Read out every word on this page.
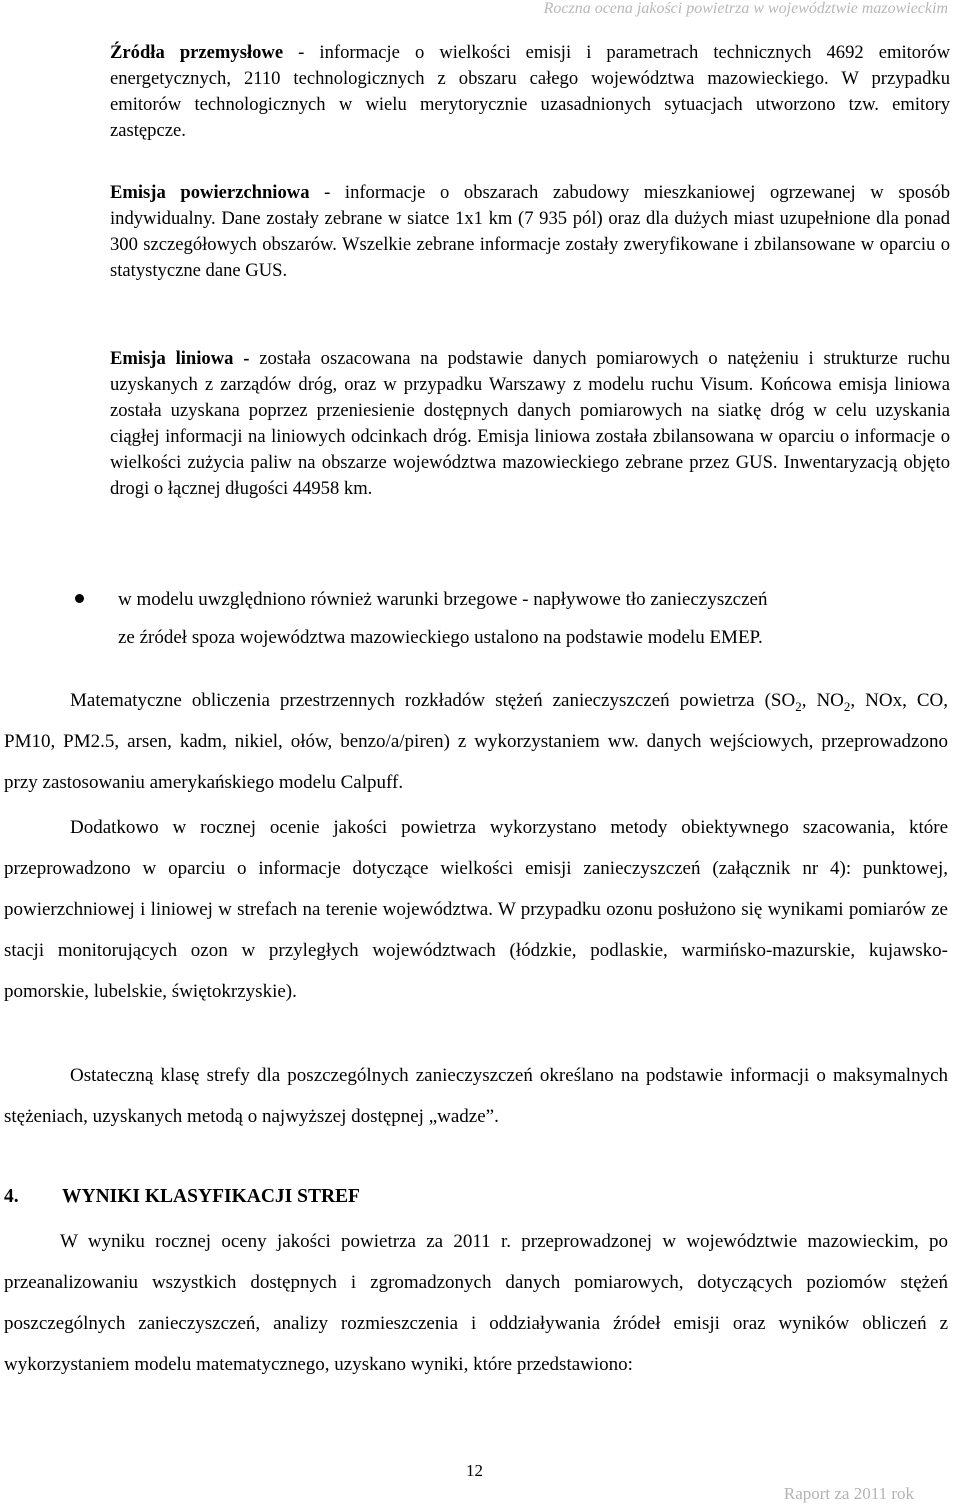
Roczna ocena jakości powietrza w województwie mazowieckim

Źródła przemysłowe - informacje o wielkości emisji i parametrach technicznych 4692 emitorów energetycznych, 2110 technologicznych z obszaru całego województwa mazowieckiego. W przypadku emitorów technologicznych w wielu merytorycznie uzasadnionych sytuacjach utworzono tzw. emitory zastępcze.

Emisja powierzchniowa - informacje o obszarach zabudowy mieszkaniowej ogrzewanej w sposób indywidualny. Dane zostały zebrane w siatce 1x1 km (7 935 pól) oraz dla dużych miast uzupełnione dla ponad 300 szczegółowych obszarów. Wszelkie zebrane informacje zostały zweryfikowane i zbilansowane w oparciu o statystyczne dane GUS.

Emisja liniowa - została oszacowana na podstawie danych pomiarowych o natężeniu i strukturze ruchu uzyskanych z zarządów dróg, oraz w przypadku Warszawy z modelu ruchu Visum. Końcowa emisja liniowa została uzyskana poprzez przeniesienie dostępnych danych pomiarowych na siatkę dróg w celu uzyskania ciągłej informacji na liniowych odcinkach dróg. Emisja liniowa została zbilansowana w oparciu o informacje o wielkości zużycia paliw na obszarze województwa mazowieckiego zebrane przez GUS. Inwentaryzacją objęto drogi o łącznej długości 44958 km.

w modelu uwzględniono również warunki brzegowe - napływowe tło zanieczyszczeń

ze źródeł spoza województwa mazowieckiego ustalono na podstawie modelu EMEP.

Matematyczne obliczenia przestrzennych rozkładów stężeń zanieczyszczeń powietrza ($SO_2$, $NO_2$, NOx, CO, PM10, PM2.5, arsen, kadm, nikiel, ołów, benzo/a/piren) z wykorzystaniem ww. danych wejściowych, przeprowadzono przy zastosowaniu amerykańskiego modelu Calpuff.

Dodatkowo w rocznej ocenie jakości powietrza wykorzystano metody obiektywnego szacowania, które przeprowadzono w oparciu o informacje dotyczące wielkości emisji zanieczyszczeń (załącznik nr 4): punktowej, powierzchniowej i liniowej w strefach na terenie województwa. W przypadku ozonu posłużono się wynikami pomiarów ze stacji monitorujących ozon w przyległych województwach (łódzkie, podlaskie, warmińsko-mazurskie, kujawsko-pomorskie, lubelskie, świętokrzyskie).

Ostateczną klasę strefy dla poszczególnych zanieczyszczeń określano na podstawie informacji o maksymalnych stężeniach, uzyskanych metodą o najwyższej dostępnej „wadze”.

4. WYNIKI KLASYFIKACJI STREF

W wyniku rocznej oceny jakości powietrza za 2011 r. przeprowadzonej w województwie mazowieckim, po przeanalizowaniu wszystkich dostępnych i zgromadzonych danych pomiarowych, dotyczących poziomów stężeń poszczególnych zanieczyszczeń, analizy rozmieszczenia i oddziaływania źródeł emisji oraz wyników obliczeń z wykorzystaniem modelu matematycznego, uzyskano wyniki, które przedstawiono:

12
Raport za 2011 rok
